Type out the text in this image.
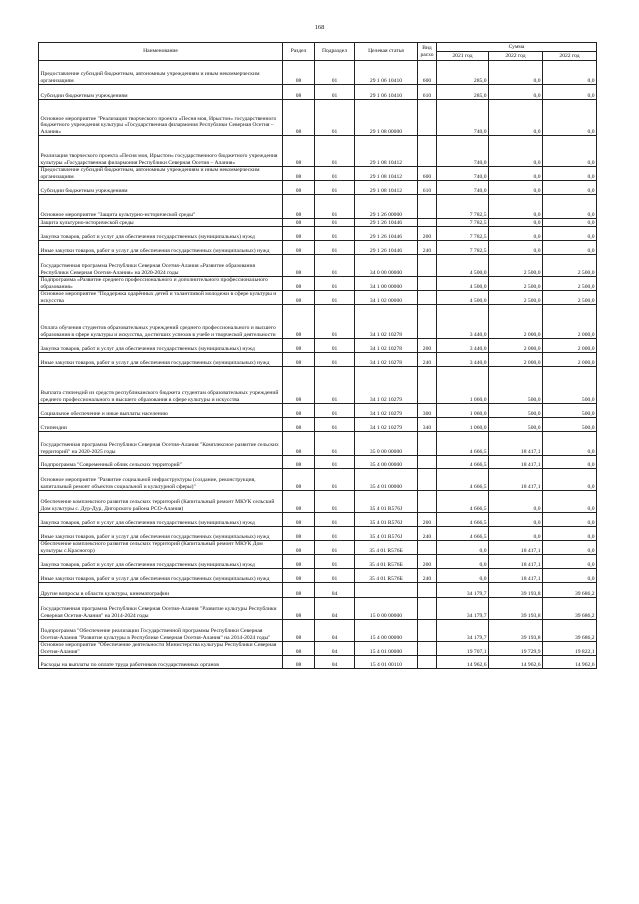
168
Наименование	Раздел	Подраздел	Целевая статья	Вид расхо	Сумма		
					2021 год	2022 год	2022 год
Предоставление субсидий бюджетным, автономным учреждениям и иным некоммерческим организациям	08	01	29 1 06 10410	600	285,0	0,0	0,0
Субсидии бюджетным учреждениям	08	01	29 1 06 10410	610	285,0	0,0	0,0
Основное мероприятие "Реализация творческого проекта «Песня моя, Ирыстон» государственного бюджетного учреждения культуры «Государственная филармония Республики Северная Осетия – Алания»	08	01	29 1 08 00000		740,0	0,0	0,0
Реализация творческого проекта «Песня моя, Ирыстон» государственного бюджетного учреждения культуры «Государственная филармония Республики Северная Осетия – Алания»	08	01	29 1 08 10412		740,0	0,0	0,0
Предоставление субсидий бюджетным, автономным учреждениям и иным некоммерческим организациям	08	01	29 1 08 10412	600	740,0	0,0	0,0
Субсидии бюджетным учреждениям	08	01	29 1 08 10412	610	740,0	0,0	0,0
Основное мероприятие "Защита культурно-исторической среды"	08	01	29 1 26 00000		7 782,5	0,0	0,0
Защита культурно-исторической среды	08	01	29 1 26 10446		7 782,5	0,0	0,0
Закупка товаров, работ и услуг для обеспечения государственных (муниципальных) нужд	08	01	29 1 26 10446	200	7 782,5	0,0	0,0
Иные закупки товаров, работ и услуг для обеспечения государственных (муниципальных) нужд	08	01	29 1 26 10446	240	7 782,5	0,0	0,0
Государственная программа Республики Северная Осетия-Алания «Развитие образования Республики Северная Осетия-Алания» на 2020-2024 годы	08	01	34 0 00 00000		4 500,0	2 500,0	2 500,0
Подпрограмма «Развитие среднего профессионального и дополнительного профессионального образования»	08	01	34 1 00 00000		4 500,0	2 500,0	2 500,0
Основное мероприятие "Поддержка одарённых детей и талантливой молодежи в сфере культуры и искусства	08	01	34 1 02 00000		4 500,0	2 500,0	2 500,0
Оплата обучения студентов образовательных учреждений среднего профессионального и высшего образования в сфере культуры и искусства, достигших успехов в учебе и творческой деятельности	08	01	34 1 02 10278		3 440,0	2 000,0	2 000,0
Закупка товаров, работ и услуг для обеспечения государственных (муниципальных) нужд	08	01	34 1 02 10278	200	3 440,0	2 000,0	2 000,0
Иные закупки товаров, работ и услуг для обеспечения государственных (муниципальных) нужд	08	01	34 1 02 10278	240	3 440,0	2 000,0	2 000,0
Выплата стипендий из средств республиканского бюджета студентам образовательных учреждений среднего профессионального и высшего образования в сфере культуры и искусства	08	01	34 1 02 10279		1 060,0	500,0	500,0
Социальное обеспечение и иные выплаты населению	08	01	34 1 02 10279	300	1 060,0	500,0	500,0
Стипендии	08	01	34 1 02 10279	340	1 060,0	500,0	500,0
Государственная программа Республики Северная Осетия-Алания "Комплексное развитие сельских территорий" на 2020-2025 годы	08	01	35 0 00 00000		4 666,5	18 417,1	0,0
Подпрограмма "Современный облик сельских территорий"	08	01	35 4 00 00000		4 666,5	18 417,1	0,0
Основное мероприятие "Развитие социальной инфраструктуры (создание, реконструкция, капитальный ремонт объектов социальной и культурной сферы)"	08	01	35 4 01 00000		4 666,5	18 417,1	0,0
Обеспечение комплексного развития сельских территорий (Капитальный ремонт МКУК сельский Дом культуры с. Дур-Дур, Дигорского района РСО-Алания)	08	01	35 4 01 R576J		4 666,5	0,0	0,0
Закупка товаров, работ и услуг для обеспечения государственных (муниципальных) нужд	08	01	35 4 01 R576J	200	4 666,5	0,0	0,0
Иные закупки товаров, работ и услуг для обеспечения государственных (муниципальных) нужд	08	01	35 4 01 R576J	240	4 666,5	0,0	0,0
Обеспечение комплексного развития сельских территорий (Капитальный ремонт МКУК Дом культуры с.Красногор)	08	01	35 4 01 R576Б		0,0	18 417,1	0,0
Закупка товаров, работ и услуг для обеспечения государственных (муниципальных) нужд	08	01	35 4 01 R576Б	200	0,0	18 417,1	0,0
Иные закупки товаров, работ и услуг для обеспечения государственных (муниципальных) нужд	08	01	35 4 01 R576Б	240	0,0	18 417,1	0,0
Другие вопросы в области культуры, кинематографии	08	04			34 179,7	39 193,8	39 686,2
Государственная программа Республики Северная Осетия-Алания "Развитие культуры Республики Северная Осетия-Алания" на 2014-2024 годы	08	04	15 0 00 00000		34 179,7	39 193,8	39 686,2
Подпрограмма "Обеспечение реализации Государственной программы Республики Северная Осетия-Алания "Развитие культуры в Республике Северная Осетия-Алания" на 2014-2024 годы"	08	04	15 4 00 00000		34 179,7	39 193,8	39 686,2
Основное мероприятие "Обеспечение деятельности Министерства культуры Республики Северная Осетия-Алания"	08	04	15 4 01 00000		19 707,1	19 729,9	19 822,1
Расходы на выплаты по оплате труда работников государственных органов	08	04	15 4 01 00110		14 962,6	14 962,6	14 962,6
